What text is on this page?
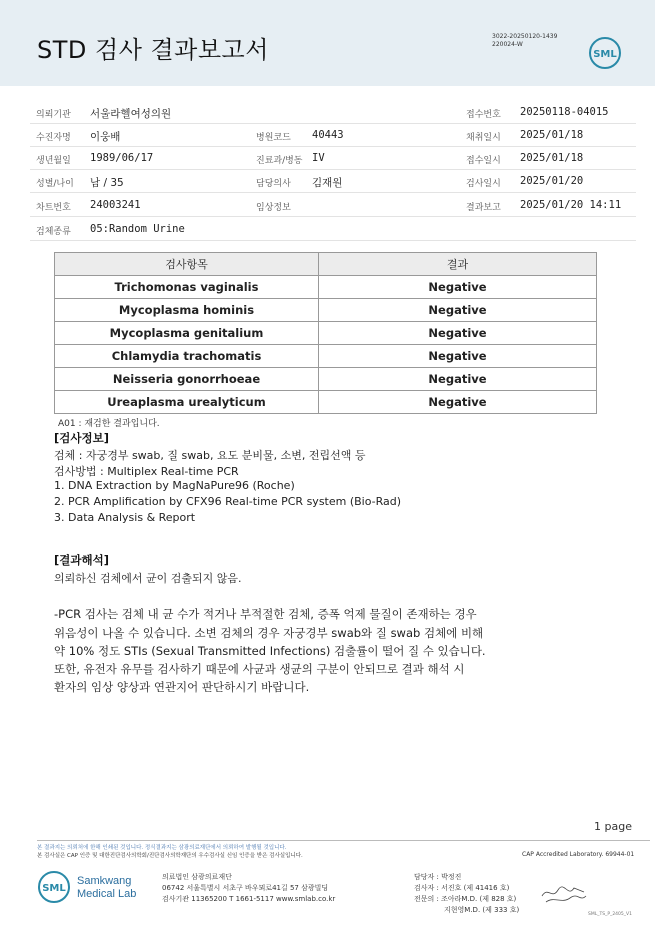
STD 검사 결과보고서	3022-20250120-1439
220024-W
SML
의뢰기관 서울라헬여성의원	접수번호 20250118-04015
수진자명 이웅배	병원코드 40443	채취일시 2025/01/18
생년월일 1989/06/17	진료과/병동 IV	접수일시 2025/01/18
성별/나이 남 / 35	담당의사 김재원	검사일시 2025/01/20
차트번호 24003241	임상정보	결과보고 2025/01/20 14:11
검체종류 05:Random Urine
검사항목	결과
Trichomonas vaginalis	Negative
Mycoplasma hominis	Negative
Mycoplasma genitalium	Negative
Chlamydia trachomatis	Negative
Neisseria gonorrhoeae	Negative
Ureaplasma urealyticum	Negative
A01 : 재검한 결과입니다.
[검사정보]
검체 : 자궁경부 swab, 질 swab, 요도 분비물, 소변, 전립선액 등
검사방법 : Multiplex Real-time PCR
1. DNA Extraction by MagNaPure96 (Roche)
2. PCR Amplification by CFX96 Real-time PCR system (Bio-Rad)
3. Data Analysis & Report
[결과해석]
의뢰하신 검체에서 균이 검출되지 않음.
-PCR 검사는 검체 내 균 수가 적거나 부적절한 검체, 증폭 억제 물질이 존재하는 경우
위음성이 나올 수 있습니다. 소변 검체의 경우 자궁경부 swab와 질 swab 검체에 비해
약 10% 정도 STIs (Sexual Transmitted Infections) 검출률이 떨어 질 수 있습니다.
또한, 유전자 유무를 검사하기 때문에 사균과 생균의 구분이 안되므로 결과 해석 시
환자의 임상 양상과 연관지어 판단하시기 바랍니다.
1 page
본 결과지는 의뢰처에 한해 인쇄된 것입니다. 정식결과지는 삼광의료재단에서 의뢰하여 발행될 것입니다.
본 검사실은 CAP 인증 및 대한진단검사의학회/진단검사의학재단의 우수검사실 신임 인증을 받은 검사실입니다.	CAP Accredited Laboratory. 69944-01
SML
Samkwang
Medical Lab
의료법인 삼광의료재단
06742 서울특별시 서초구 바우뫼로41길 57 삼광빌딩
검사기관 11365200 T 1661-5117 www.smlab.co.kr
담당자 : 박정진
검사자 : 서진호 (제 41416 호)
전문의 : 조아라M.D. (제 828 호)
지현영M.D. (제 333 호)
SML_TS_P_2405_V1
